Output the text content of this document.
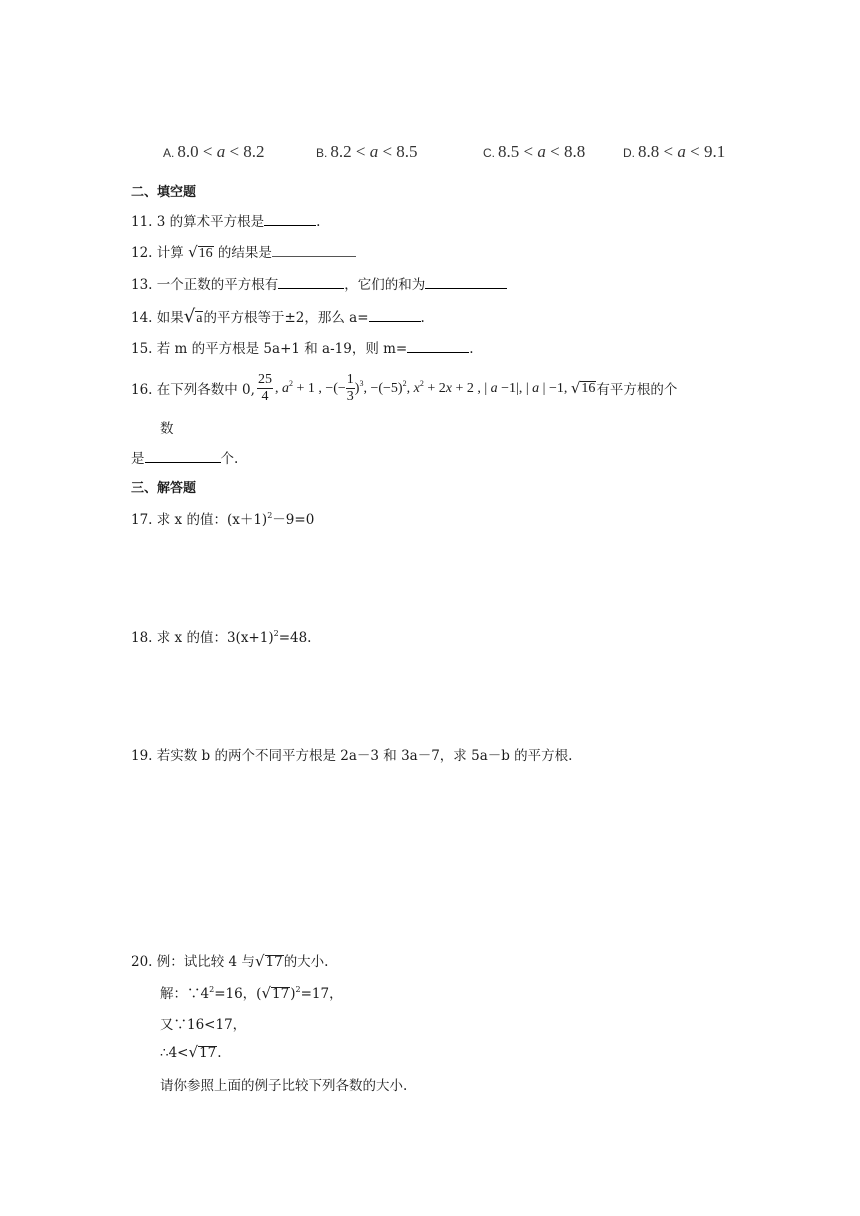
A. 8.0 < a < 8.2	B. 8.2 < a < 8.5	C. 8.5 < a < 8.8	D. 8.8 < a < 9.1
二、填空题
11. 3 的算术平方根是	.
12. 计算 √16 的结果是
13. 一个正数的平方根有	，它们的和为
14. 如果√a的平方根等于±2，那么 a=	.
15. 若 m 的平方根是 5a+1 和 a-19，则 m=	.
16. 在下列各数中 0, $\frac{25}{4}$ , $a^2 + 1$ , −(− $\frac{1}{3} )^3$, $-(-5)^2$, $x^2 + 2x + 2$ , | a −1|, | a | −1, √ 16 有平方根的个
数
是	个.
三、解答题
17. 求 x 的值：$(x+1)^2-9=0$
18. 求 x 的值：$3(x+1)^2=48$.
19. 若实数 b 的两个不同平方根是 2a－3 和 3a－7，求 5a－b 的平方根.
20. 例：试比较 4 与√17的大小.
解：$\because 4^2=16$，$(√17)^2=17$，
又∵16<17，
∴4<√17.
请你参照上面的例子比较下列各数的大小.
